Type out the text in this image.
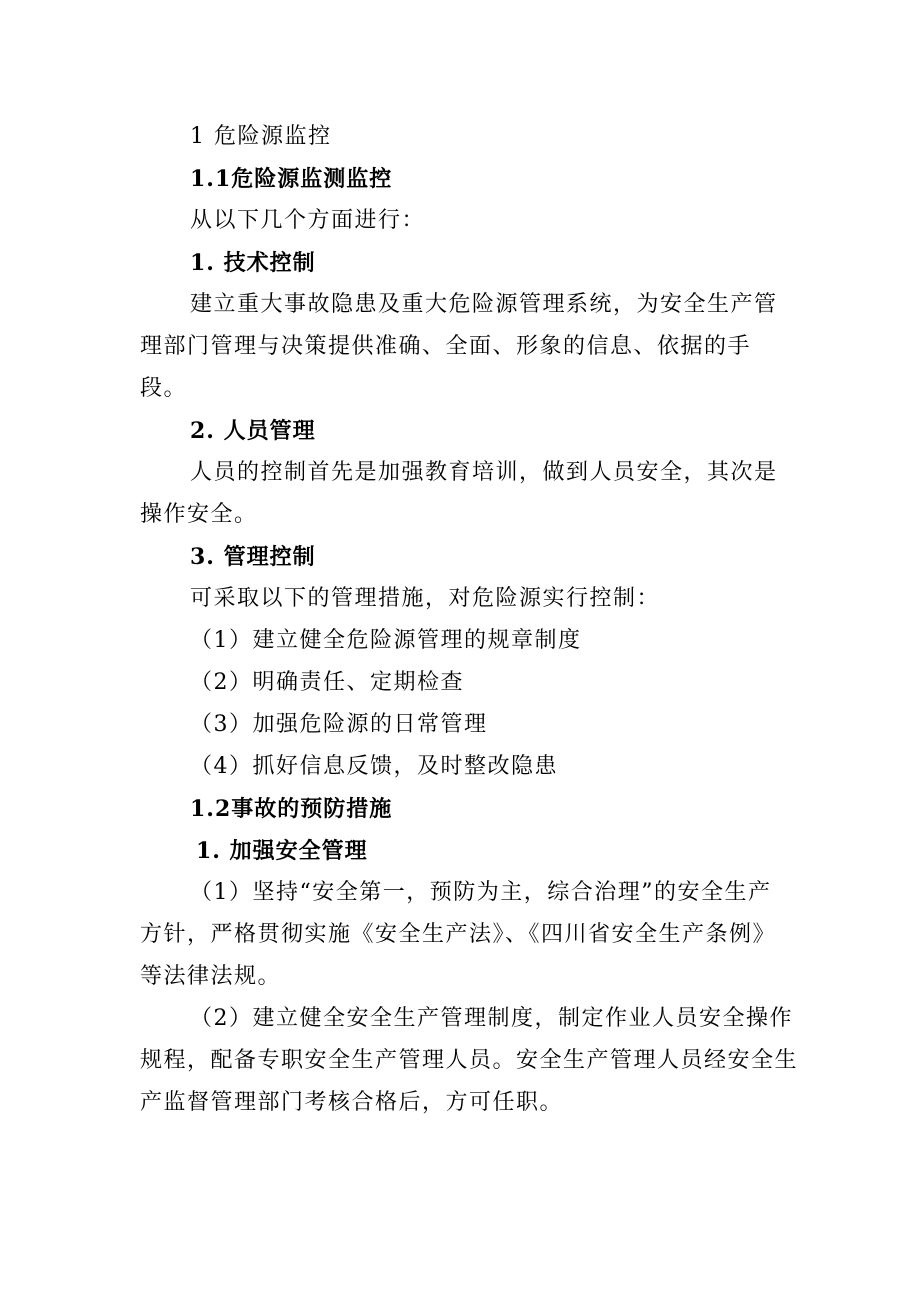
1 危险源监控
1.1危险源监测监控
从以下几个方面进行：
1. 技术控制
建立重大事故隐患及重大危险源管理系统，为安全生产管
理部门管理与决策提供准确、全面、形象的信息、依据的手
段。
2. 人员管理
人员的控制首先是加强教育培训，做到人员安全，其次是
操作安全。
3. 管理控制
可采取以下的管理措施，对危险源实行控制：
（1）建立健全危险源管理的规章制度
（2）明确责任、定期检查
（3）加强危险源的日常管理
（4）抓好信息反馈，及时整改隐患
1.2事故的预防措施
1. 加强安全管理
（1）坚持“安全第一，预防为主，综合治理”的安全生产
方针，严格贯彻实施《安全生产法》、《四川省安全生产条例》
等法律法规。
（2）建立健全安全生产管理制度，制定作业人员安全操作
规程，配备专职安全生产管理人员。安全生产管理人员经安全生
产监督管理部门考核合格后，方可任职。
